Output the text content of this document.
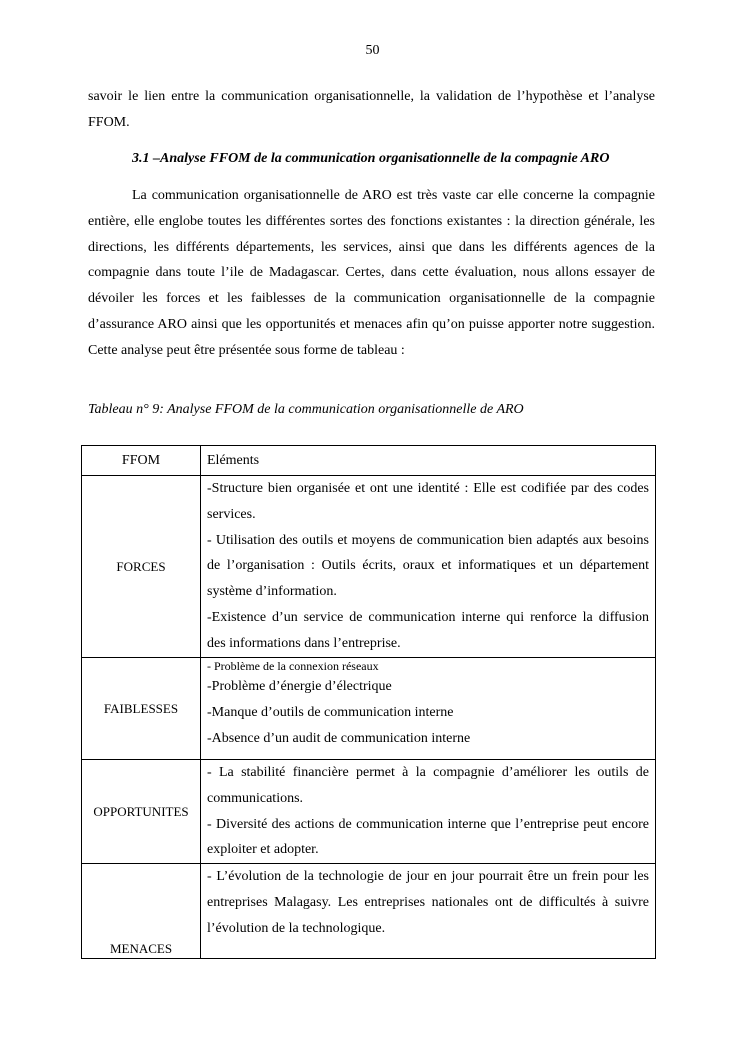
50

savoir le lien entre la communication organisationnelle, la validation de l’hypothèse et l’analyse FFOM.

3.1 –Analyse FFOM de la communication organisationnelle de la compagnie ARO

La communication organisationnelle de ARO est très vaste car elle concerne la compagnie entière, elle englobe toutes les différentes sortes des fonctions existantes : la direction générale, les directions, les différents départements, les services, ainsi que dans les différents agences de la compagnie dans toute l’ile de Madagascar. Certes, dans cette évaluation, nous allons essayer de dévoiler les forces et les faiblesses de la communication organisationnelle de la compagnie d’assurance ARO ainsi que les opportunités et menaces afin qu’on puisse apporter notre suggestion. Cette analyse peut être présentée sous forme de tableau :

Tableau n° 9: Analyse FFOM de la communication organisationnelle de ARO

FFOM	Eléments
FORCES	-Structure bien organisée et ont une identité : Elle est codifiée par des codes services.

- Utilisation des outils et moyens de communication bien adaptés aux besoins de l’organisation : Outils écrits, oraux et informatiques et un département système d’information.

-Existence d’un service de communication interne qui renforce la diffusion des informations dans l’entreprise.

FAIBLESSES	- Problème de la connexion réseaux

-Problème d’énergie d’électrique

-Manque d’outils de communication interne

-Absence d’un audit de communication interne

OPPORTUNITES	- La stabilité financière permet à la compagnie d’améliorer les outils de communications.

- Diversité des actions de communication interne que l’entreprise peut encore exploiter et adopter.

MENACES	- L’évolution de la technologie de jour en jour pourrait être un frein pour les entreprises Malagasy. Les entreprises nationales ont de difficultés à suivre l’évolution de la technologique.
